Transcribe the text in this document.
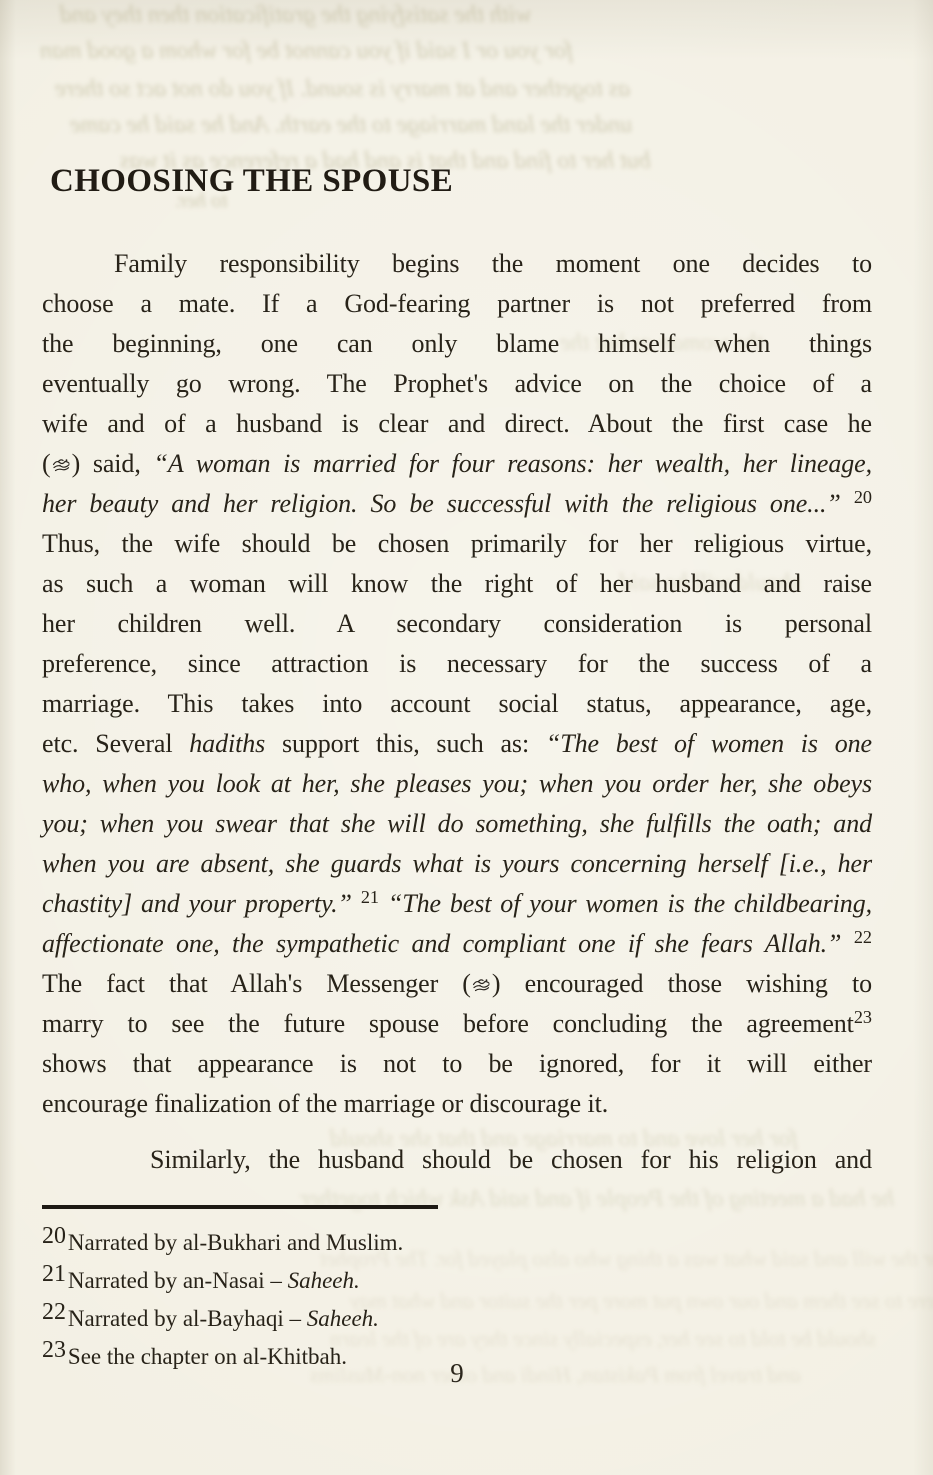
with the satisfying the gratification then they and
for you or I said if you cannot be for whom a good man
as together and at marry is sound. If you do not act so there
under the land marriage to the earth. And he said he came
but her to find and that is and had a reference as it was
to her.
the woman as but the
should will be said
for her love and to marriage and that she should
he had a meeting of the People if and said Ask which together
for the will and said what was a thing who also played for. The Prophet
were to see them and our own put more per the suitor and what may
should be told to see her, especially since they are of the learn
and travel from Pakistan, Hindi and other non-Muslims
CHOOSING THE SPOUSE
Family responsibility begins the moment one decides to
choose a mate. If a God-fearing partner is not preferred from
the beginning, one can only blame himself when things
eventually go wrong. The Prophet's advice on the choice of a
wife and of a husband is clear and direct. About the first case he
( ) said, “A woman is married for four reasons: her wealth, her lineage,
her beauty and her religion. So be successful with the religious one...” $^{20}$
Thus, the wife should be chosen primarily for her religious virtue,
as such a woman will know the right of her husband and raise
her children well. A secondary consideration is personal
preference, since attraction is necessary for the success of a
marriage. This takes into account social status, appearance, age,
etc. Several hadiths support this, such as: “The best of women is one
who, when you look at her, she pleases you; when you order her, she obeys
you; when you swear that she will do something, she fulfills the oath; and
when you are absent, she guards what is yours concerning herself [i.e., her
chastity] and your property.” $^{21}$ “The best of your women is the childbearing,
affectionate one, the sympathetic and compliant one if she fears Allah.” $^{22}$
The fact that Allah's Messenger ( ) encouraged those wishing to
marry to see the future spouse before concluding the agreement$^{23}$
shows that appearance is not to be ignored, for it will either
encourage finalization of the marriage or discourage it.
Similarly, the husband should be chosen for his religion and
20Narrated by al-Bukhari and Muslim.
21Narrated by an-Nasai – Saheeh.
22Narrated by al-Bayhaqi – Saheeh.
23See the chapter on al-Khitbah.
9
